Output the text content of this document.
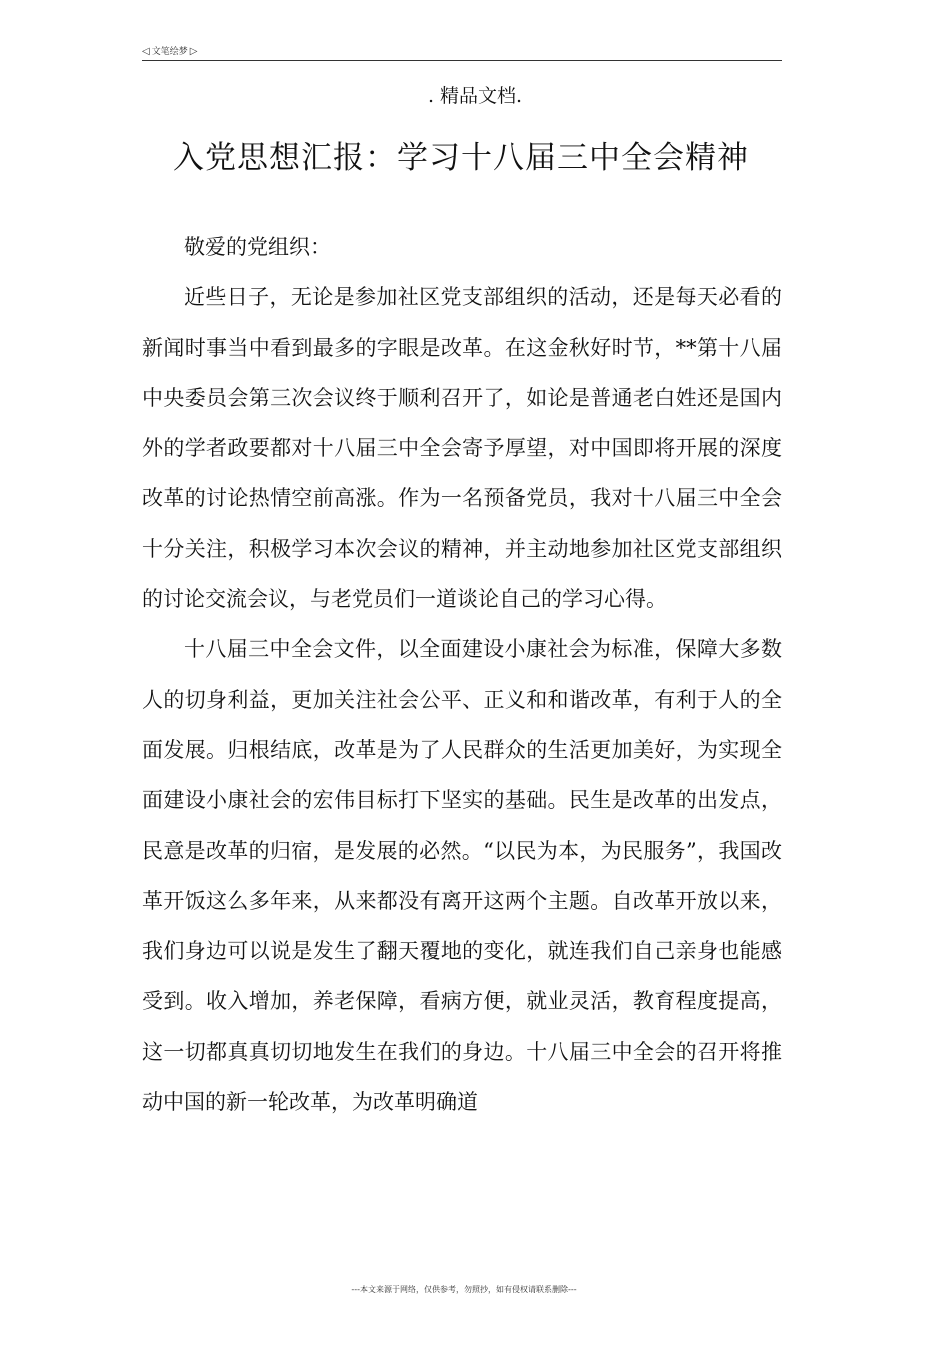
◁ 文笔绘梦 ▷
. 精品文档.
入党思想汇报：学习十八届三中全会精神

敬爱的党组织：

近些日子，无论是参加社区党支部组织的活动，还是每天必看的新闻时事当中看到最多的字眼是改革。在这金秋好时节，**第十八届中央委员会第三次会议终于顺利召开了，如论是普通老白姓还是国内外的学者政要都对十八届三中全会寄予厚望，对中国即将开展的深度改革的讨论热情空前高涨。作为一名预备党员，我对十八届三中全会十分关注，积极学习本次会议的精神，并主动地参加社区党支部组织的讨论交流会议，与老党员们一道谈论自己的学习心得。

十八届三中全会文件，以全面建设小康社会为标准，保障大多数人的切身利益，更加关注社会公平、正义和和谐改革，有利于人的全面发展。归根结底，改革是为了人民群众的生活更加美好，为实现全面建设小康社会的宏伟目标打下坚实的基础。民生是改革的出发点，民意是改革的归宿，是发展的必然。“以民为本，为民服务”，我国改革开饭这么多年来，从来都没有离开这两个主题。自改革开放以来，我们身边可以说是发生了翻天覆地的变化，就连我们自己亲身也能感受到。收入增加，养老保障，看病方便，就业灵活，教育程度提高，这一切都真真切切地发生在我们的身边。十八届三中全会的召开将推动中国的新一轮改革，为改革明确道

---本文来源于网络，仅供参考，勿照抄，如有侵权请联系删除---
